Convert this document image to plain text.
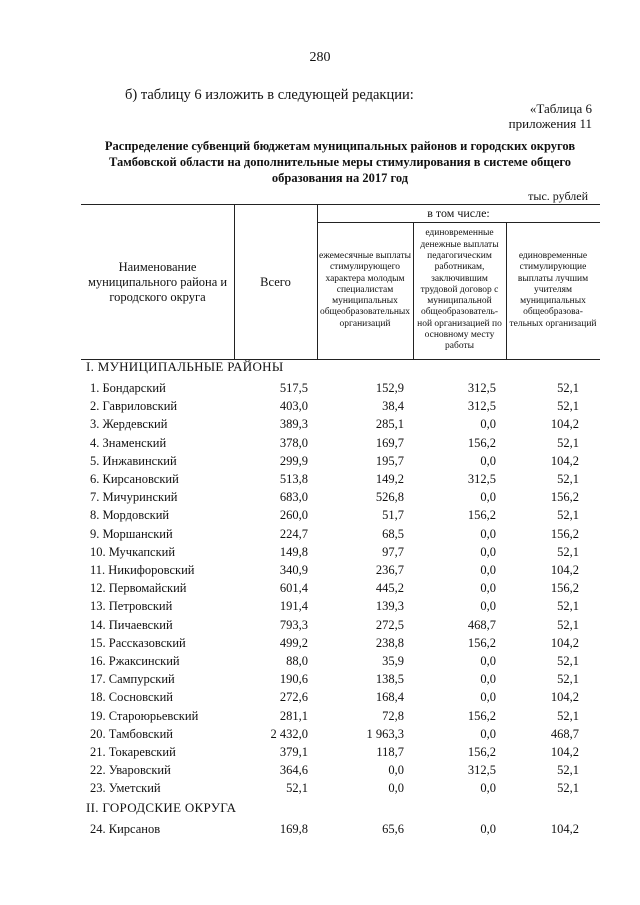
280
б) таблицу 6 изложить в следующей редакции:
«Таблица 6
приложения 11
Распределение субвенций бюджетам муниципальных районов и городских округов Тамбовской области на дополнительные меры стимулирования в системе общего образования на 2017 год
тыс. рублей
Наименование муниципального района и городского округа
Всего
в том числе:
ежемесячные выплаты стимулирующего характера молодым специалистам муниципальных общеобразовательных организаций
единовременные денежные выплаты педагогическим работникам, заключившим трудовой договор с муниципальной общеобразователь-ной организацией по основному месту работы
единовременные стимулирующие выплаты лучшим учителям муниципальных общеобразова-тельных организаций
I. МУНИЦИПАЛЬНЫЕ РАЙОНЫ
1. Бондарский	517,5	152,9	312,5	52,1
2. Гавриловский	403,0	38,4	312,5	52,1
3. Жердевский	389,3	285,1	0,0	104,2
4. Знаменский	378,0	169,7	156,2	52,1
5. Инжавинский	299,9	195,7	0,0	104,2
6. Кирсановский	513,8	149,2	312,5	52,1
7. Мичуринский	683,0	526,8	0,0	156,2
8. Мордовский	260,0	51,7	156,2	52,1
9. Моршанский	224,7	68,5	0,0	156,2
10. Мучкапский	149,8	97,7	0,0	52,1
11. Никифоровский	340,9	236,7	0,0	104,2
12. Первомайский	601,4	445,2	0,0	156,2
13. Петровский	191,4	139,3	0,0	52,1
14. Пичаевский	793,3	272,5	468,7	52,1
15. Рассказовский	499,2	238,8	156,2	104,2
16. Ржаксинский	88,0	35,9	0,0	52,1
17. Сампурский	190,6	138,5	0,0	52,1
18. Сосновский	272,6	168,4	0,0	104,2
19. Староюрьевский	281,1	72,8	156,2	52,1
20. Тамбовский	2 432,0	1 963,3	0,0	468,7
21. Токаревский	379,1	118,7	156,2	104,2
22. Уваровский	364,6	0,0	312,5	52,1
23. Уметский	52,1	0,0	0,0	52,1
II. ГОРОДСКИЕ ОКРУГА
24. Кирсанов	169,8	65,6	0,0	104,2
